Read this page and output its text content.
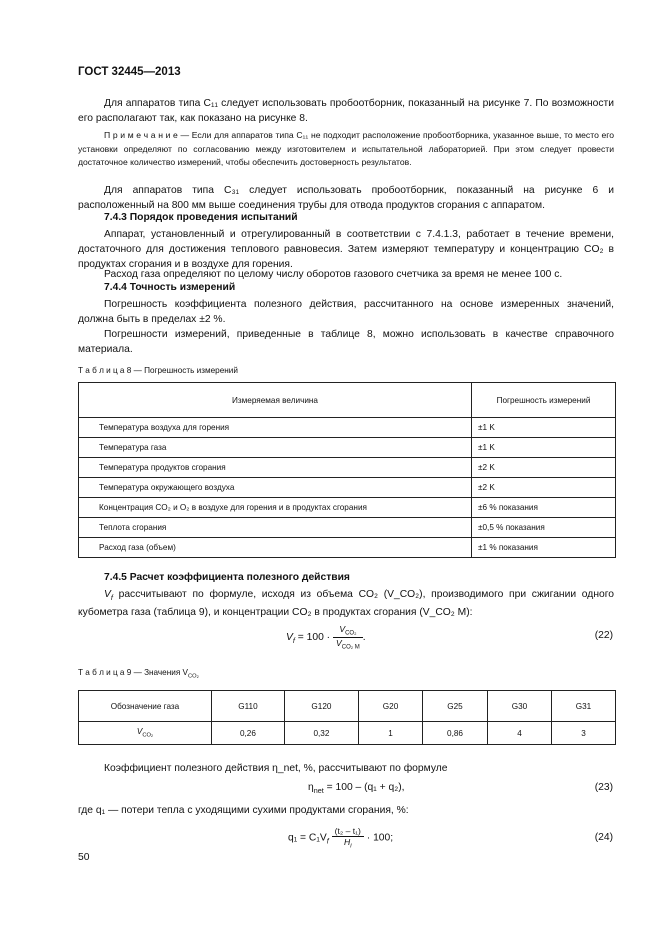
ГОСТ 32445—2013
Для аппаратов типа C₁₁ следует использовать пробоотборник, показанный на рисунке 7. По возможности его располагают так, как показано на рисунке 8.
П р и м е ч а н и е — Если для аппаратов типа C₁₁ не подходит расположение пробоотборника, указанное выше, то место его установки определяют по согласованию между изготовителем и испытательной лабораторией. При этом следует провести достаточное количество измерений, чтобы обеспечить достоверность результатов.
Для аппаратов типа C₃₁ следует использовать пробоотборник, показанный на рисунке 6 и расположенный на 800 мм выше соединения трубы для отвода продуктов сгорания с аппаратом.
7.4.3 Порядок проведения испытаний
Аппарат, установленный и отрегулированный в соответствии с 7.4.1.3, работает в течение времени, достаточного для достижения теплового равновесия. Затем измеряют температуру и концентрацию CO₂ в продуктах сгорания и в воздухе для горения.
Расход газа определяют по целому числу оборотов газового счетчика за время не менее 100 с.
7.4.4 Точность измерений
Погрешность коэффициента полезного действия, рассчитанного на основе измеренных значений, должна быть в пределах ±2 %.
Погрешности измерений, приведенные в таблице 8, можно использовать в качестве справочного материала.
Т а б л и ц а 8 — Погрешность измерений
Измеряемая величина	Погрешность измерений
Температура воздуха для горения	±1 K
Температура газа	±1 K
Температура продуктов сгорания	±2 K
Температура окружающего воздуха	±2 K
Концентрация CO₂ и O₂ в воздухе для горения и в продуктах сгорания	±6 % показания
Теплота сгорания	±0,5 % показания
Расход газа (объем)	±1 % показания
7.4.5 Расчет коэффициента полезного действия
$V_f$ рассчитывают по формуле, исходя из объема CO₂ (V_CO₂), производимого при сжигании одного кубометра газа (таблица 9), и концентрации CO₂ в продуктах сгорания (V_CO₂ M):
$V_f = 100 \cdot \frac{V_{CO_2}}{V_{CO_2 M}}$ .	(22)
Т а б л и ц а 9 — Значения $V_{CO_2}$
Обозначение газа	G110	G120	G20	G25	G30	G31
$V_{CO_2}$	0,26	0,32	1	0,86	4	3
Коэффициент полезного действия η_net, %, рассчитывают по формуле
$\eta_{net} = 100 - (q_1 + q_2)$,	(23)
где q₁ — потери тепла с уходящими сухими продуктами сгорания, %:
$q_1 = C_1V_f \frac{\text{(t₂ – t₁)}}{H_i} \cdot 100$;	(24)
50
